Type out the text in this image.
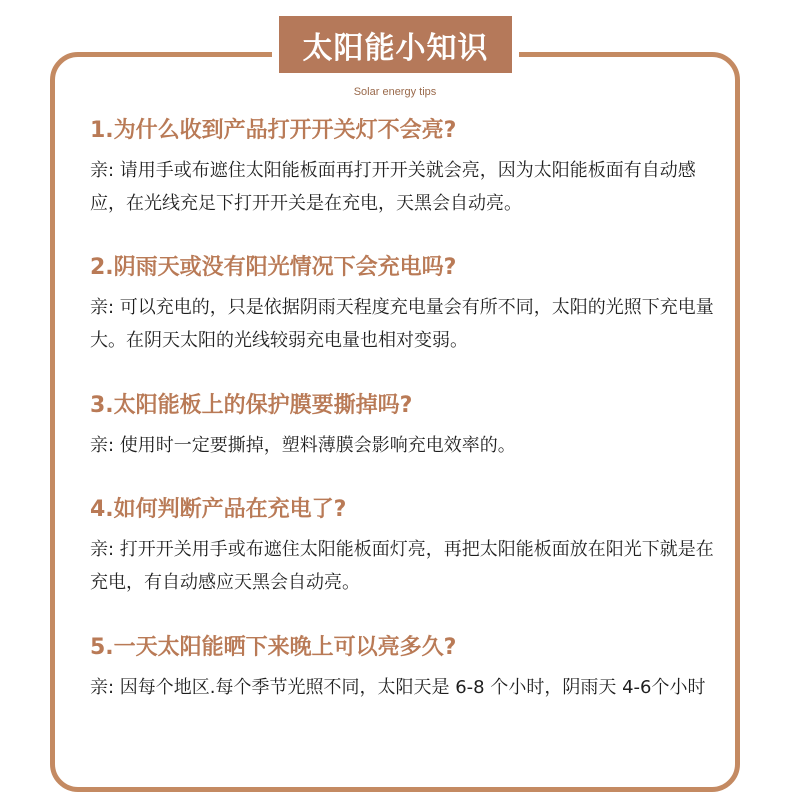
太阳能小知识
Solar energy tips
1.为什么收到产品打开开关灯不会亮?
亲: 请用手或布遮住太阳能板面再打开开关就会亮，因为太阳能板面有自动感应，在光线充足下打开开关是在充电，天黑会自动亮。
2.阴雨天或没有阳光情况下会充电吗?
亲: 可以充电的，只是依据阴雨天程度充电量会有所不同，太阳的光照下充电量大。在阴天太阳的光线较弱充电量也相对变弱。
3.太阳能板上的保护膜要撕掉吗?
亲: 使用时一定要撕掉，塑料薄膜会影响充电效率的。
4.如何判断产品在充电了?
亲: 打开开关用手或布遮住太阳能板面灯亮，再把太阳能板面放在阳光下就是在充电，有自动感应天黑会自动亮。
5.一天太阳能晒下来晚上可以亮多久?
亲: 因每个地区.每个季节光照不同，太阳天是 6-8 个小时，阴雨天 4-6个小时
